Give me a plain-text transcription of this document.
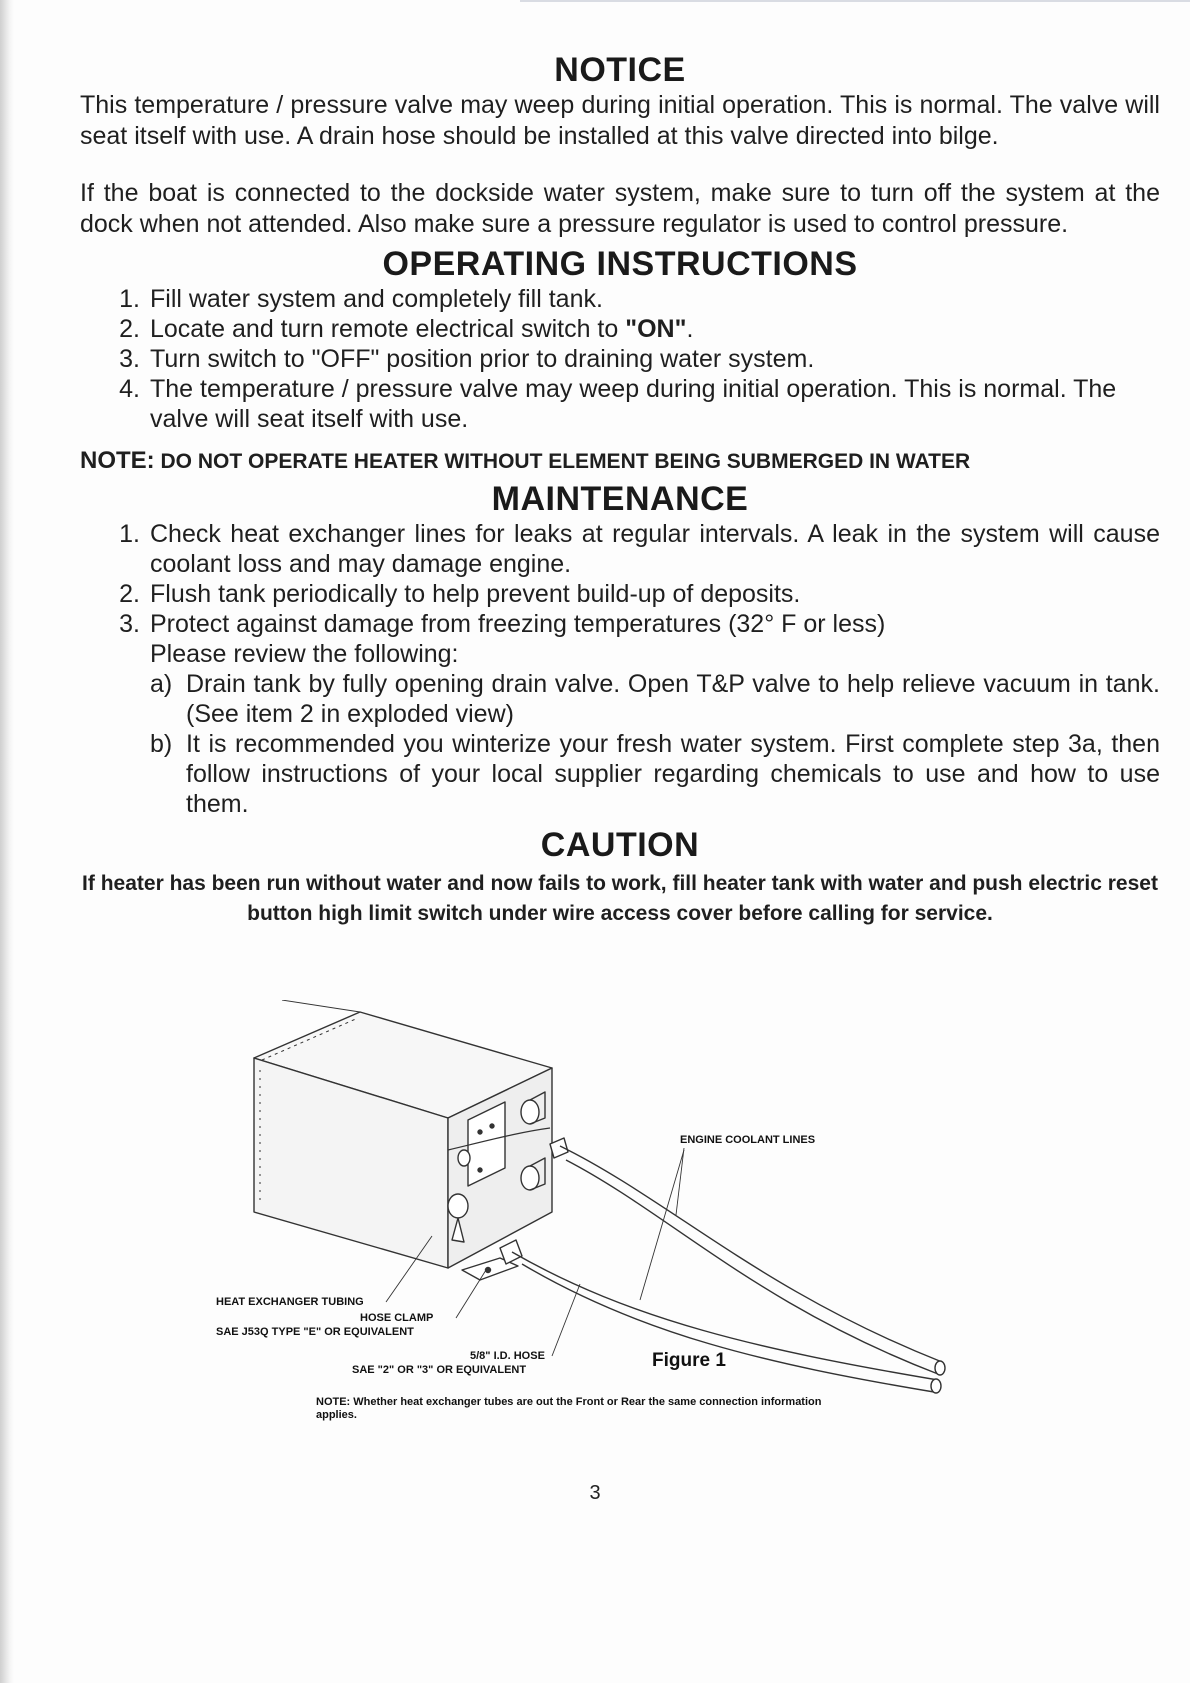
NOTICE

This temperature / pressure valve may weep during initial operation. This is normal. The valve will seat itself with use. A drain hose should be installed at this valve directed into bilge.

If the boat is connected to the dockside water system, make sure to turn off the system at the dock when not attended. Also make sure a pressure regulator is used to control pressure.

OPERATING INSTRUCTIONS
1. Fill water system and completely fill tank.
2. Locate and turn remote electrical switch to "ON".
3. Turn switch to "OFF" position prior to draining water system.
4. The temperature / pressure valve may weep during initial operation. This is normal. The valve will seat itself with use.

NOTE: DO NOT OPERATE HEATER WITHOUT ELEMENT BEING SUBMERGED IN WATER

MAINTENANCE
1. Check heat exchanger lines for leaks at regular intervals. A leak in the system will cause coolant loss and may damage engine.
2. Flush tank periodically to help prevent build-up of deposits.
3. Protect against damage from freezing temperatures (32° F or less)
Please review the following:
a) Drain tank by fully opening drain valve. Open T&P valve to help relieve vacuum in tank. (See item 2 in exploded view)
b) It is recommended you winterize your fresh water system. First complete step 3a, then follow instructions of your local supplier regarding chemicals to use and how to use them.
CAUTION

If heater has been run without water and now fails to work, fill heater tank with water and push electric reset button high limit switch under wire access cover before calling for service.

ENGINE COOLANT LINES
HEAT EXCHANGER TUBING
HOSE CLAMP
SAE J53Q TYPE "E" OR EQUIVALENT
5/8" I.D. HOSE
SAE "2" OR "3" OR EQUIVALENT	Figure 1
NOTE: Whether heat exchanger tubes are out the Front or Rear the same connection information applies.
3
